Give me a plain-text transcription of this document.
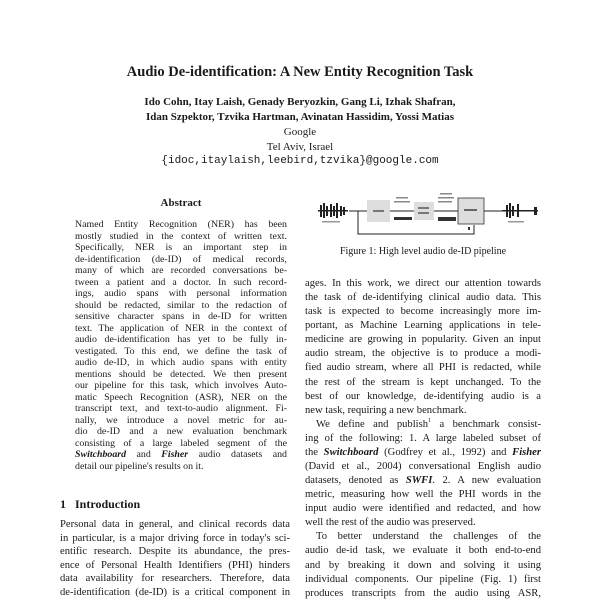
Audio De-identification: A New Entity Recognition Task
Ido Cohn, Itay Laish, Genady Beryozkin, Gang Li, Izhak Shafran,
Idan Szpektor, Tzvika Hartman, Avinatan Hassidim, Yossi Matias
Google
Tel Aviv, Israel
{idoc,itaylaish,leebird,tzvika}@google.com
Abstract
Named Entity Recognition (NER) has been
mostly studied in the context of written text.
Specifically, NER is an important step in
de-identification (de-ID) of medical records,
many of which are recorded conversations be-
tween a patient and a doctor. In such record-
ings, audio spans with personal information
should be redacted, similar to the redaction of
sensitive character spans in de-ID for written
text. The application of NER in the context of
audio de-identification has yet to be fully in-
vestigated. To this end, we define the task of
audio de-ID, in which audio spans with entity
mentions should be detected. We then present
our pipeline for this task, which involves Auto-
matic Speech Recognition (ASR), NER on the
transcript text, and text-to-audio alignment. Fi-
nally, we introduce a novel metric for au-
dio de-ID and a new evaluation benchmark
consisting of a large labeled segment of the
Switchboard and Fisher audio datasets and
detail our pipeline's results on it.
1   Introduction
Personal data in general, and clinical records data
in particular, is a major driving force in today's sci-
entific research. Despite its abundance, the pres-
ence of Personal Health Identifiers (PHI) hinders
data availability for researchers. Therefore, data
de-identification (de-ID) is a critical component in
Figure 1: High level audio de-ID pipeline
ages. In this work, we direct our attention towards
the task of de-identifying clinical audio data. This
task is expected to become increasingly more im-
portant, as Machine Learning applications in tele-
medicine are growing in popularity. Given an input
audio stream, the objective is to produce a modi-
fied audio stream, where all PHI is redacted, while
the rest of the stream is kept unchanged. To the
best of our knowledge, de-identifying audio is a
new task, requiring a new benchmark.
We define and publish$^1$ a benchmark consist-
ing of the following: 1. A large labeled subset of
the Switchboard (Godfrey et al., 1992) and Fisher
(David et al., 2004) conversational English audio
datasets, denoted as SWFI. 2. A new evaluation
metric, measuring how well the PHI words in the
input audio were identified and redacted, and how
well the rest of the audio was preserved.
To better understand the challenges of the
audio de-id task, we evaluate it both end-to-end
and by breaking it down and solving it using
individual components. Our pipeline (Fig. 1) first
produces transcripts from the audio using ASR,
